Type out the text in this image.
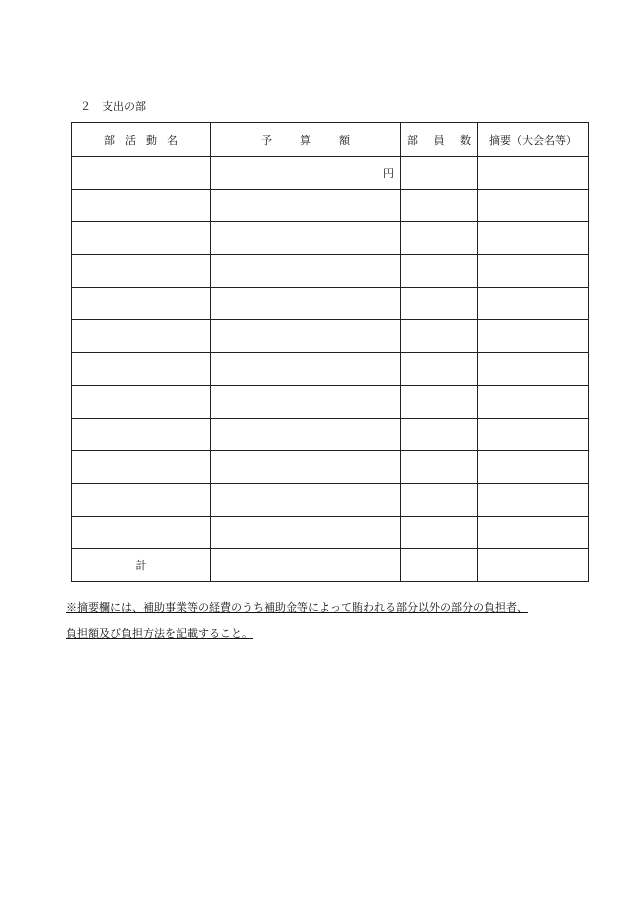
２　支出の部
部活動名	予算額	部員数	摘要（大会名等）
	円		

計			
※摘要欄には、補助事業等の経費のうち補助金等によって賄われる部分以外の部分の負担者、
負担額及び負担方法を記載すること。
